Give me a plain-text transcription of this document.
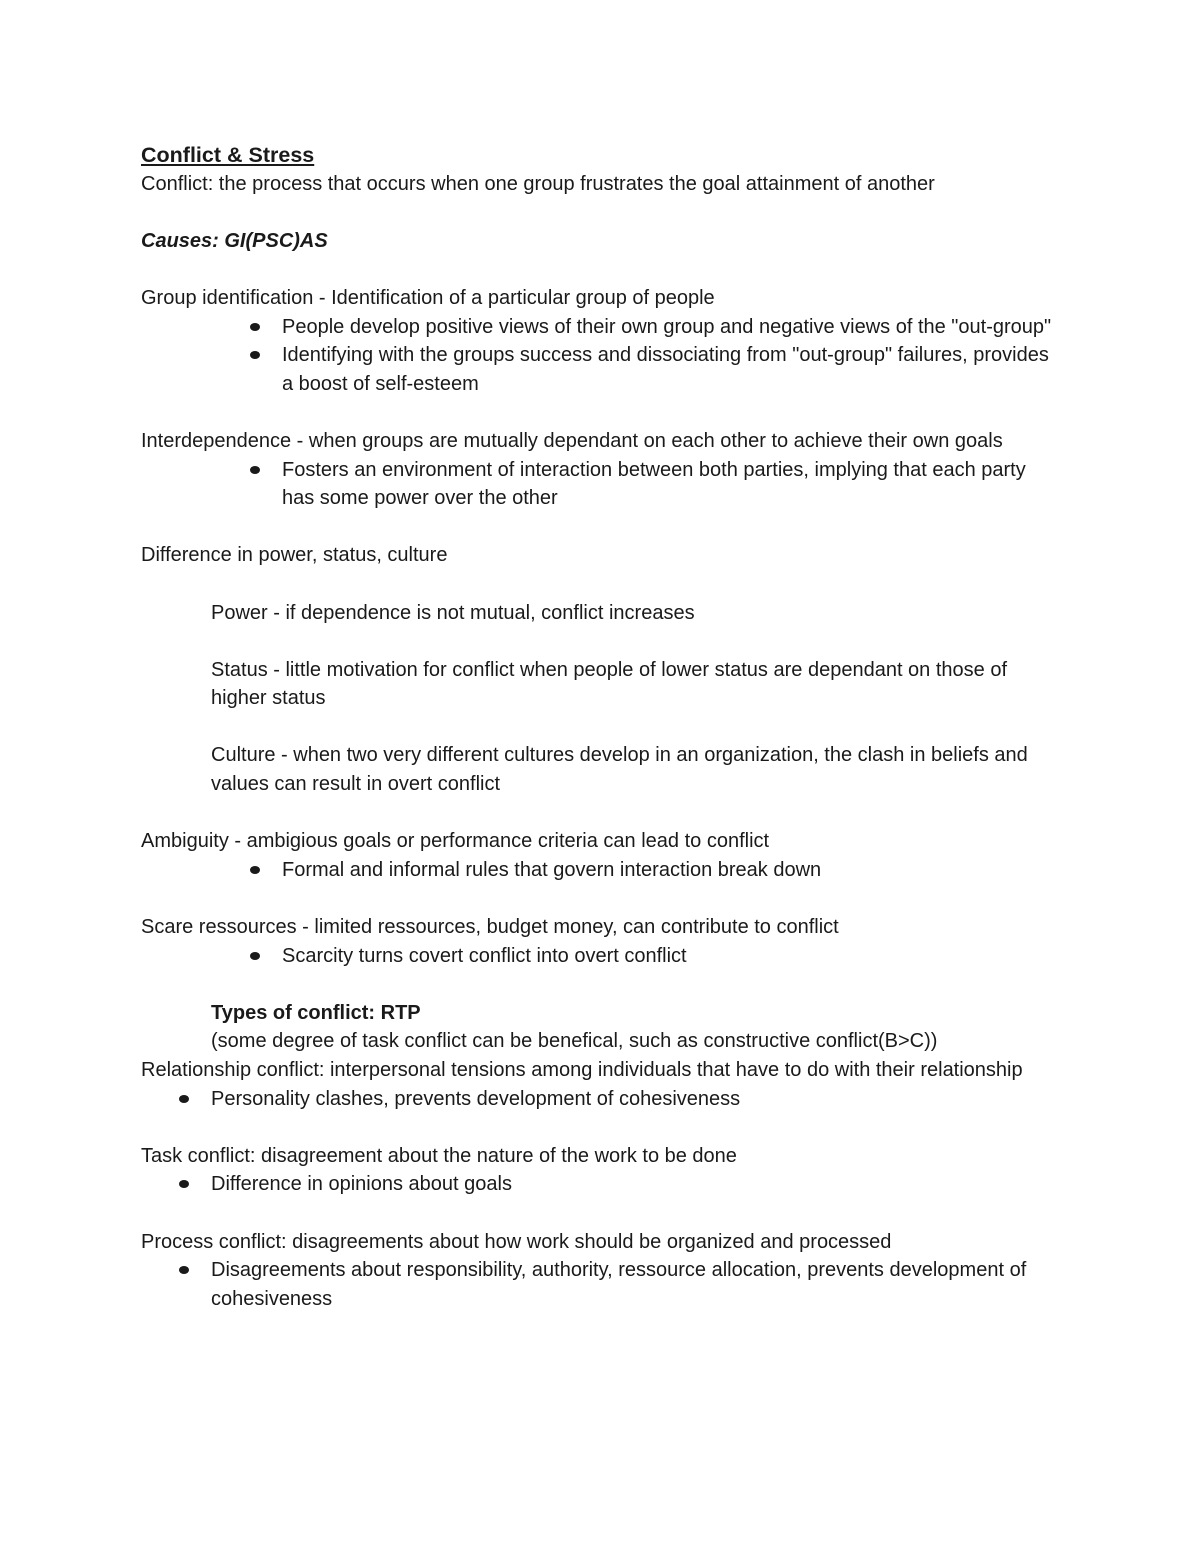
Conflict & Stress
Conflict: the process that occurs when one group frustrates the goal attainment of another
Causes: GI(PSC)AS
Group identification - Identification of a particular group of people
People develop positive views of their own group and negative views of the "out-group"
Identifying with the groups success and dissociating from "out-group" failures, provides a boost of self-esteem
Interdependence - when groups are mutually dependant on each other to achieve their own goals
Fosters an environment of interaction between both parties, implying that each party has some power over the other
Difference in power, status, culture
Power - if dependence is not mutual, conflict increases
Status - little motivation for conflict when people of lower status are dependant on those of higher status
Culture - when two very different cultures develop in an organization, the clash in beliefs and values can result in overt conflict
Ambiguity - ambigious goals or performance criteria can lead to conflict
Formal and informal rules that govern interaction break down
Scare ressources - limited ressources, budget money, can contribute to conflict
Scarcity turns covert conflict into overt conflict
Types of conflict: RTP
(some degree of task conflict can be benefical, such as constructive conflict(B>C))
Relationship conflict: interpersonal tensions among individuals that have to do with their relationship
Personality clashes, prevents development of cohesiveness
Task conflict: disagreement about the nature of the work to be done
Difference in opinions about goals
Process conflict: disagreements about how work should be organized and processed
Disagreements about responsibility, authority, ressource allocation, prevents development of cohesiveness
